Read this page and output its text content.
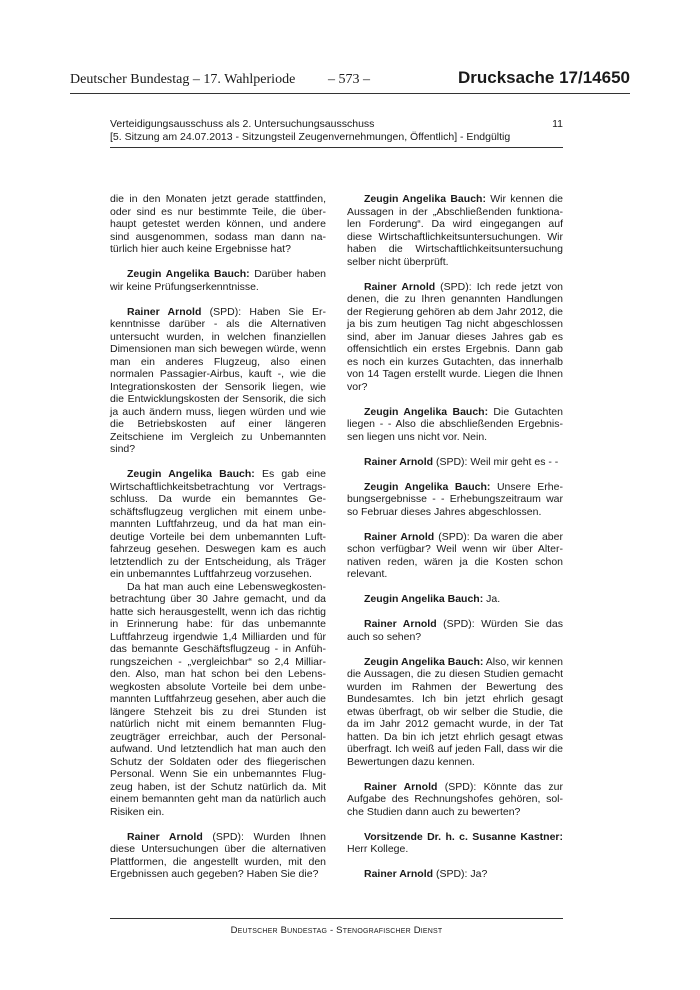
Deutscher Bundestag – 17. Wahlperiode – 573 –	Drucksache 17/14650
Verteidigungsausschuss als 2. Untersuchungsausschuss
[5. Sitzung am 24.07.2013 - Sitzungsteil Zeugenvernehmungen, Öffentlich] - Endgültig
11

die in den Monaten jetzt gerade stattfinden, oder sind es nur bestimmte Teile, die überhaupt getestet werden können, und andere sind ausgenommen, sodass man dann natürlich hier auch keine Ergebnisse hat?

Zeugin Angelika Bauch: Darüber haben wir keine Prüfungserkenntnisse.

Rainer Arnold (SPD): Haben Sie Erkenntnisse darüber - als die Alternativen untersucht wurden, in welchen finanziellen Dimensionen man sich bewegen würde, wenn man ein anderes Flugzeug, also einen normalen Passagier-Airbus, kauft -, wie die Integrationskosten der Sensorik liegen, wie die Entwicklungskosten der Sensorik, die sich ja auch ändern muss, liegen würden und wie die Betriebskosten auf einer längeren Zeitschiene im Vergleich zu Unbemannten sind?

Zeugin Angelika Bauch: Es gab eine Wirtschaftlichkeitsbetrachtung vor Vertragsschluss. Da wurde ein bemanntes Geschäftsflugzeug verglichen mit einem unbemannten Luftfahrzeug, und da hat man eindeutige Vorteile bei dem unbemannten Luftfahrzeug gesehen. Deswegen kam es auch letztendlich zu der Entscheidung, als Träger ein unbemanntes Luftfahrzeug vorzusehen.

Da hat man auch eine Lebenswegkostenbetrachtung über 30 Jahre gemacht, und da hatte sich herausgestellt, wenn ich das richtig in Erinnerung habe: für das unbemannte Luftfahrzeug irgendwie 1,4 Milliarden und für das bemannte Geschäftsflugzeug - in Anführungszeichen - „vergleichbar“ so 2,4 Milliarden. Also, man hat schon bei den Lebenswegkosten absolute Vorteile bei dem unbemannten Luftfahrzeug gesehen, aber auch die längere Stehzeit bis zu drei Stunden ist natürlich nicht mit einem bemannten Flugzeugträger erreichbar, auch der Personalaufwand. Und letztendlich hat man auch den Schutz der Soldaten oder des fliegerischen Personal. Wenn Sie ein unbemanntes Flugzeug haben, ist der Schutz natürlich da. Mit einem bemannten geht man da natürlich auch Risiken ein.

Rainer Arnold (SPD): Wurden Ihnen diese Untersuchungen über die alternativen Plattformen, die angestellt wurden, mit den Ergebnissen auch gegeben? Haben Sie die?

Zeugin Angelika Bauch: Wir kennen die Aussagen in der „Abschließenden funktionalen Forderung“. Da wird eingegangen auf diese Wirtschaftlichkeitsuntersuchungen. Wir haben die Wirtschaftlichkeitsuntersuchung selber nicht überprüft.

Rainer Arnold (SPD): Ich rede jetzt von denen, die zu Ihren genannten Handlungen der Regierung gehören ab dem Jahr 2012, die ja bis zum heutigen Tag nicht abgeschlossen sind, aber im Januar dieses Jahres gab es offensichtlich ein erstes Ergebnis. Dann gab es noch ein kurzes Gutachten, das innerhalb von 14 Tagen erstellt wurde. Liegen die Ihnen vor?

Zeugin Angelika Bauch: Die Gutachten liegen - - Also die abschließenden Ergebnissen liegen uns nicht vor. Nein.

Rainer Arnold (SPD): Weil mir geht es - -

Zeugin Angelika Bauch: Unsere Erhebungsergebnisse - - Erhebungszeitraum war so Februar dieses Jahres abgeschlossen.

Rainer Arnold (SPD): Da waren die aber schon verfügbar? Weil wenn wir über Alternativen reden, wären ja die Kosten schon relevant.

Zeugin Angelika Bauch: Ja.

Rainer Arnold (SPD): Würden Sie das auch so sehen?

Zeugin Angelika Bauch: Also, wir kennen die Aussagen, die zu diesen Studien gemacht wurden im Rahmen der Bewertung des Bundesamtes. Ich bin jetzt ehrlich gesagt etwas überfragt, ob wir selber die Studie, die da im Jahr 2012 gemacht wurde, in der Tat hatten. Da bin ich jetzt ehrlich gesagt etwas überfragt. Ich weiß auf jeden Fall, dass wir die Bewertungen dazu kennen.

Rainer Arnold (SPD): Könnte das zur Aufgabe des Rechnungshofes gehören, solche Studien dann auch zu bewerten?

Vorsitzende Dr. h. c. Susanne Kastner: Herr Kollege.

Rainer Arnold (SPD): Ja?

Deutscher Bundestag - Stenografischer Dienst
